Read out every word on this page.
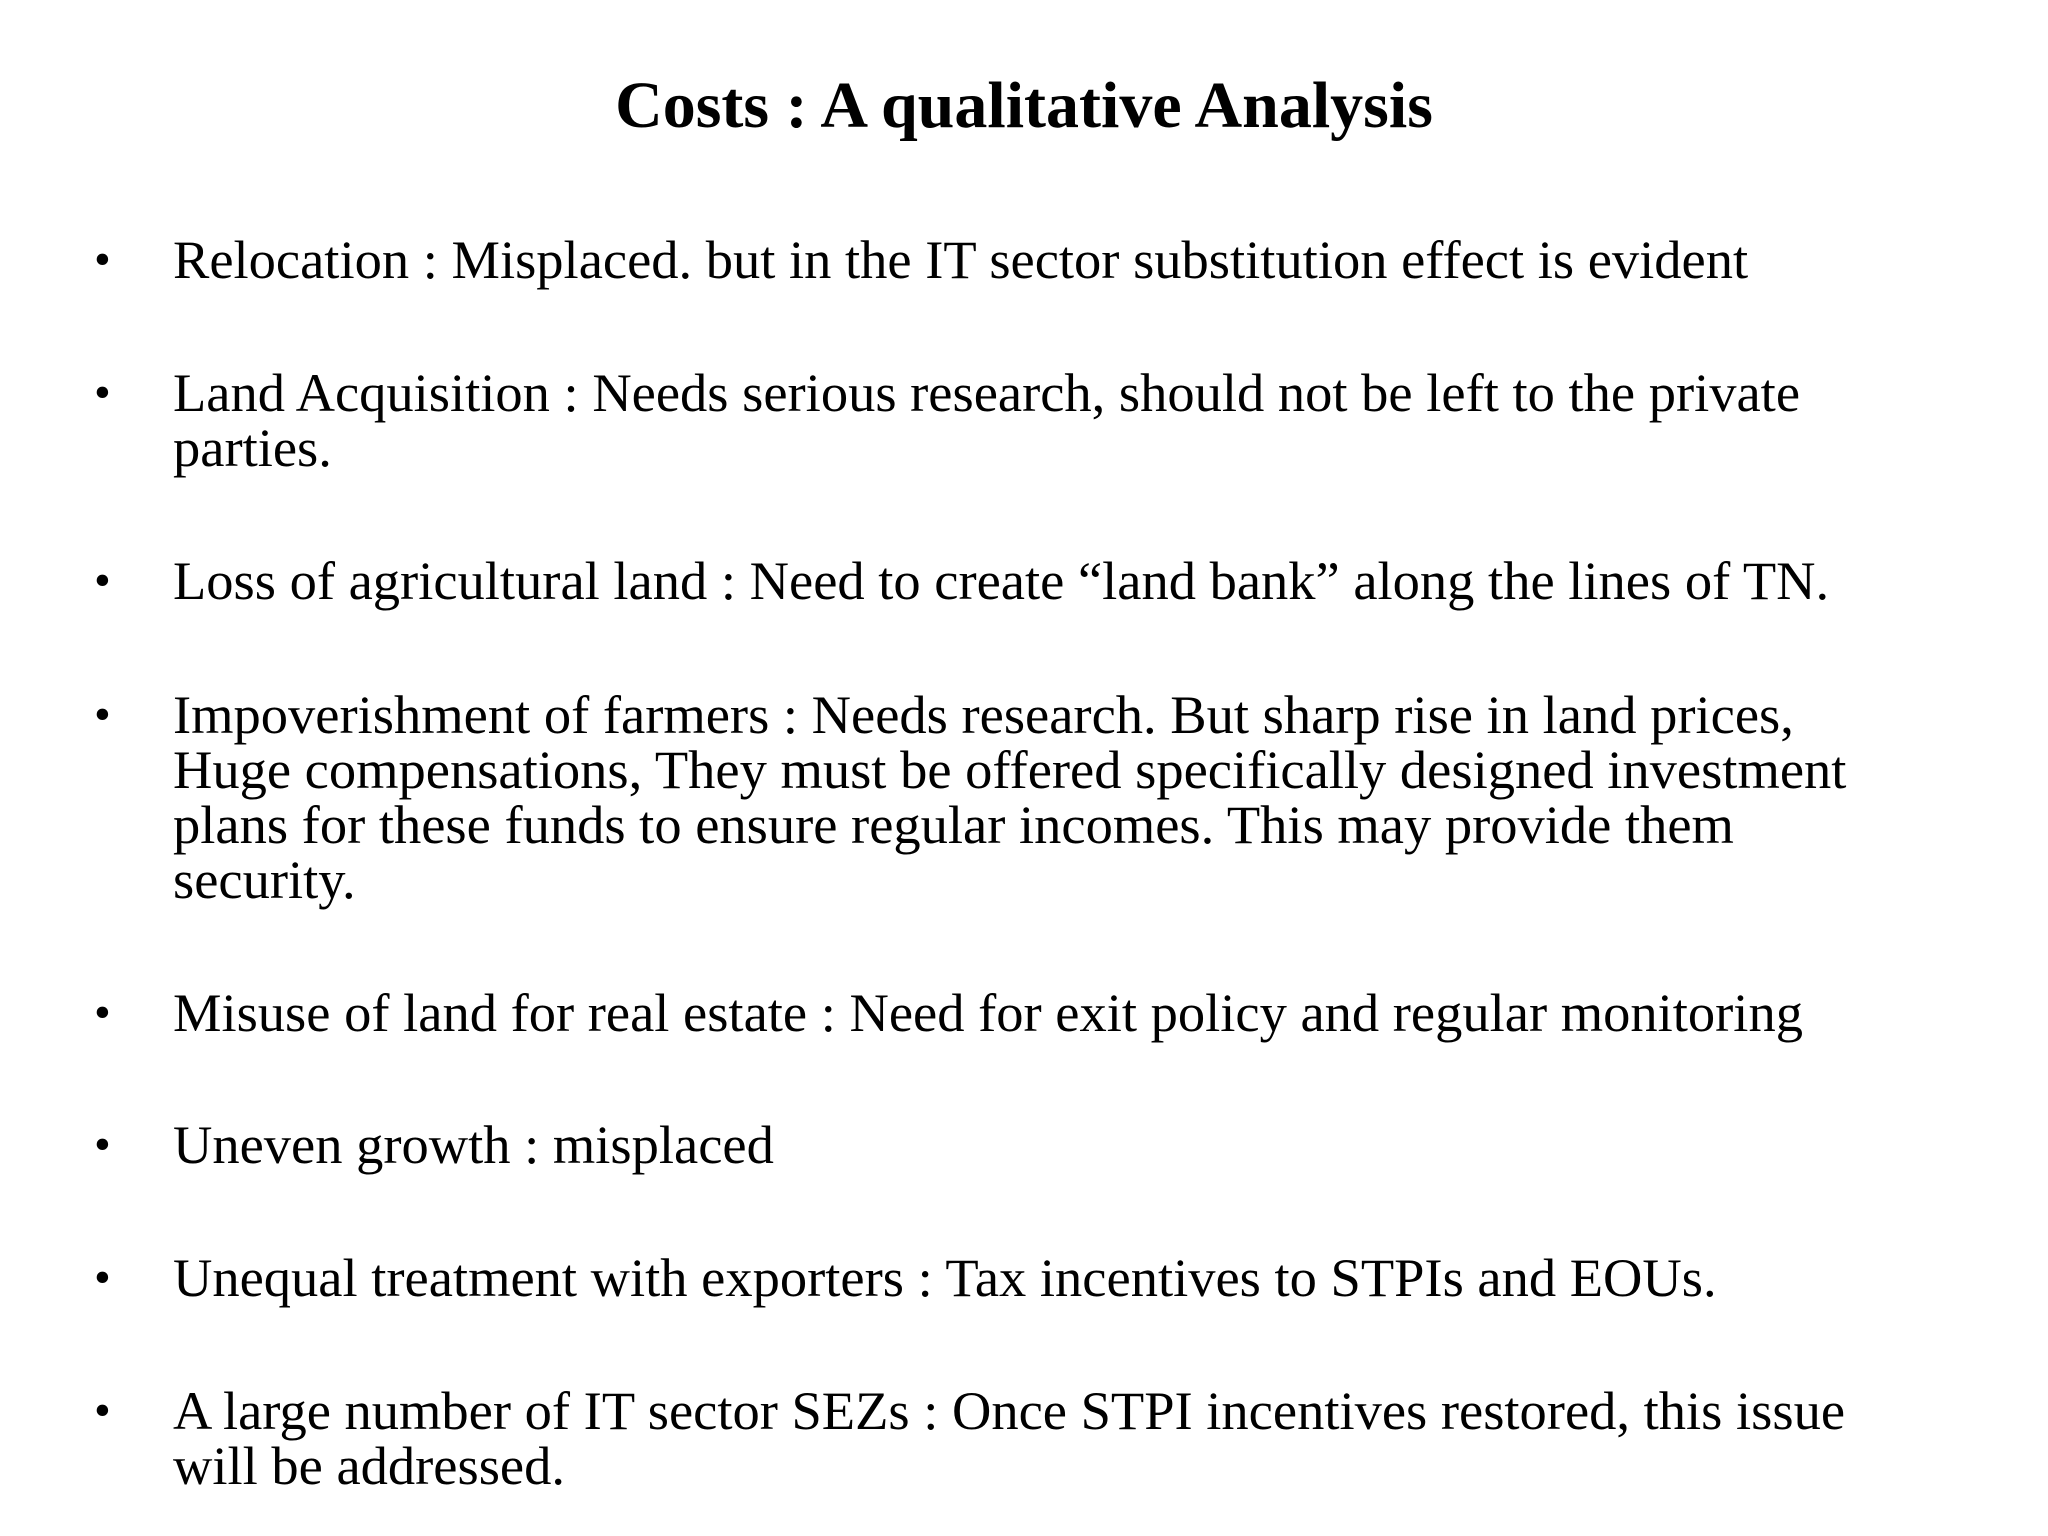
Costs : A qualitative Analysis
• Relocation : Misplaced. but in the IT sector substitution effect is evident
• Land Acquisition : Needs serious research, should not be left to the private
parties.
• Loss of agricultural land : Need to create “land bank” along the lines of TN.
• Impoverishment of farmers : Needs research. But sharp rise in land prices,
Huge compensations, They must be offered specifically designed investment
plans for these funds to ensure regular incomes. This may provide them
security.
• Misuse of land for real estate : Need for exit policy and regular monitoring
• Uneven growth : misplaced
• Unequal treatment with exporters : Tax incentives to STPIs and EOUs.
• A large number of IT sector SEZs : Once STPI incentives restored, this issue
will be addressed.
